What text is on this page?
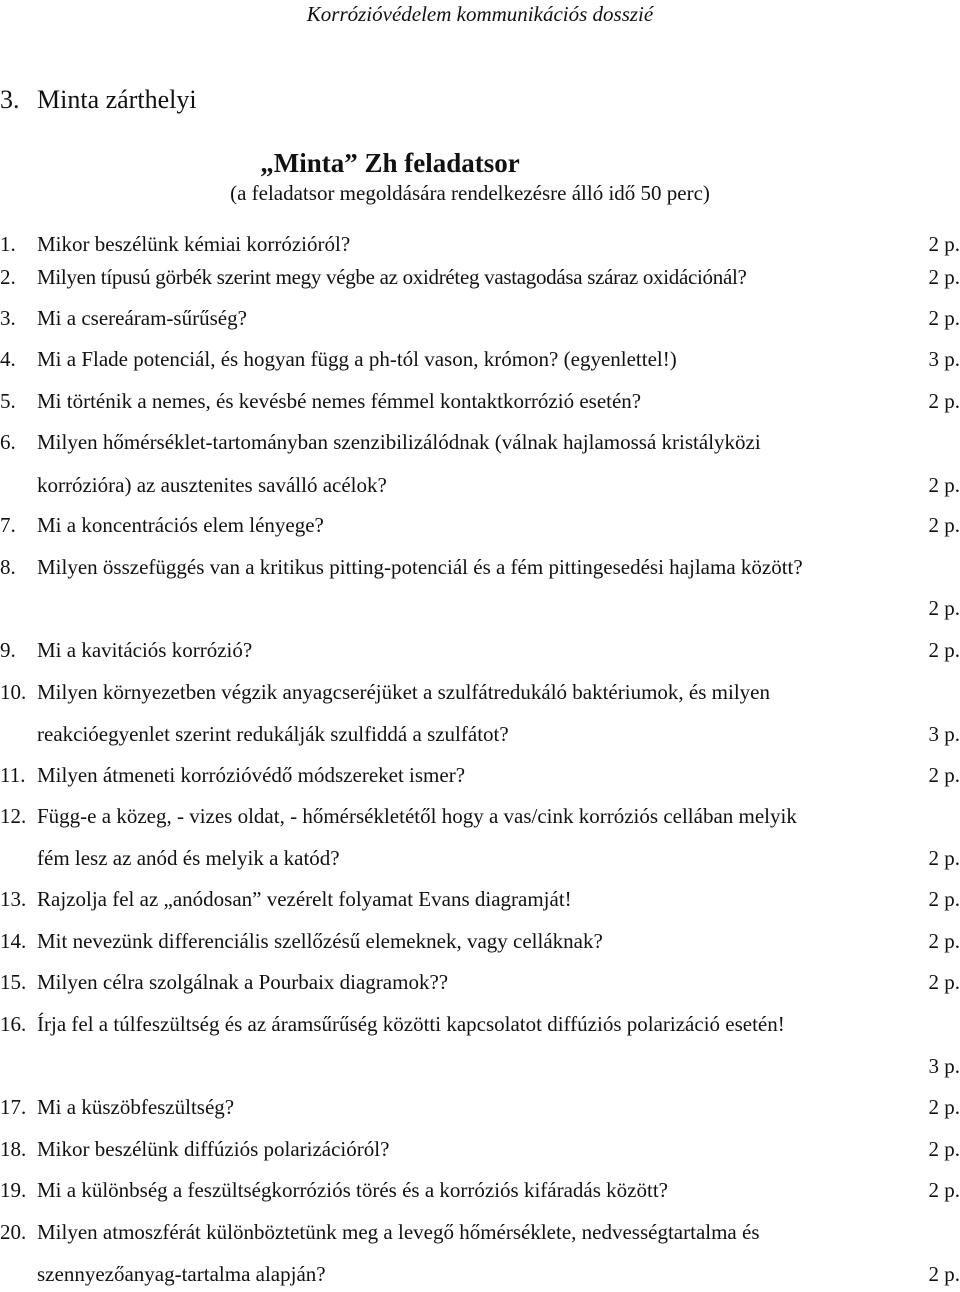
Korrózióvédelem kommunikációs dosszié
3. Minta zárthelyi
„Minta” Zh feladatsor
(a feladatsor megoldására rendelkezésre álló idő 50 perc)
1. Mikor beszélünk kémiai korrózióról?	2 p.
2. Milyen típusú görbék szerint megy végbe az oxidréteg vastagodása száraz oxidációnál?	2 p.
3. Mi a csereáram-sűrűség?	2 p.
4. Mi a Flade potenciál, és hogyan függ a ph-tól vason, krómon? (egyenlettel!)	3 p.
5. Mi történik a nemes, és kevésbé nemes fémmel kontaktkorrózió esetén?	2 p.
6. Milyen hőmérséklet-tartományban szenzibilizálódnak (válnak hajlamossá kristályközi
korrózióra) az ausztenites saválló acélok?	2 p.
7. Mi a koncentrációs elem lényege?	2 p.
8. Milyen összefüggés van a kritikus pitting-potenciál és a fém pittingesedési hajlama között?
2 p.
9. Mi a kavitációs korrózió?	2 p.
10. Milyen környezetben végzik anyagcseréjüket a szulfátredukáló baktériumok, és milyen
reakcióegyenlet szerint redukálják szulfiddá a szulfátot?	3 p.
11. Milyen átmeneti korrózióvédő módszereket ismer?	2 p.
12. Függ-e a közeg, - vizes oldat, - hőmérsékletétől hogy a vas/cink korróziós cellában melyik
fém lesz az anód és melyik a katód?	2 p.
13. Rajzolja fel az „anódosan” vezérelt folyamat Evans diagramját!	2 p.
14. Mit nevezünk differenciális szellőzésű elemeknek, vagy celláknak?	2 p.
15. Milyen célra szolgálnak a Pourbaix diagramok??	2 p.
16. Írja fel a túlfeszültség és az áramsűrűség közötti kapcsolatot diffúziós polarizáció esetén!
3 p.
17. Mi a küszöbfeszültség?	2 p.
18. Mikor beszélünk diffúziós polarizációról?	2 p.
19. Mi a különbség a feszültségkorróziós törés és a korróziós kifáradás között?	2 p.
20. Milyen atmoszférát különböztetünk meg a levegő hőmérséklete, nedvességtartalma és
szennyezőanyag-tartalma alapján?	2 p.
